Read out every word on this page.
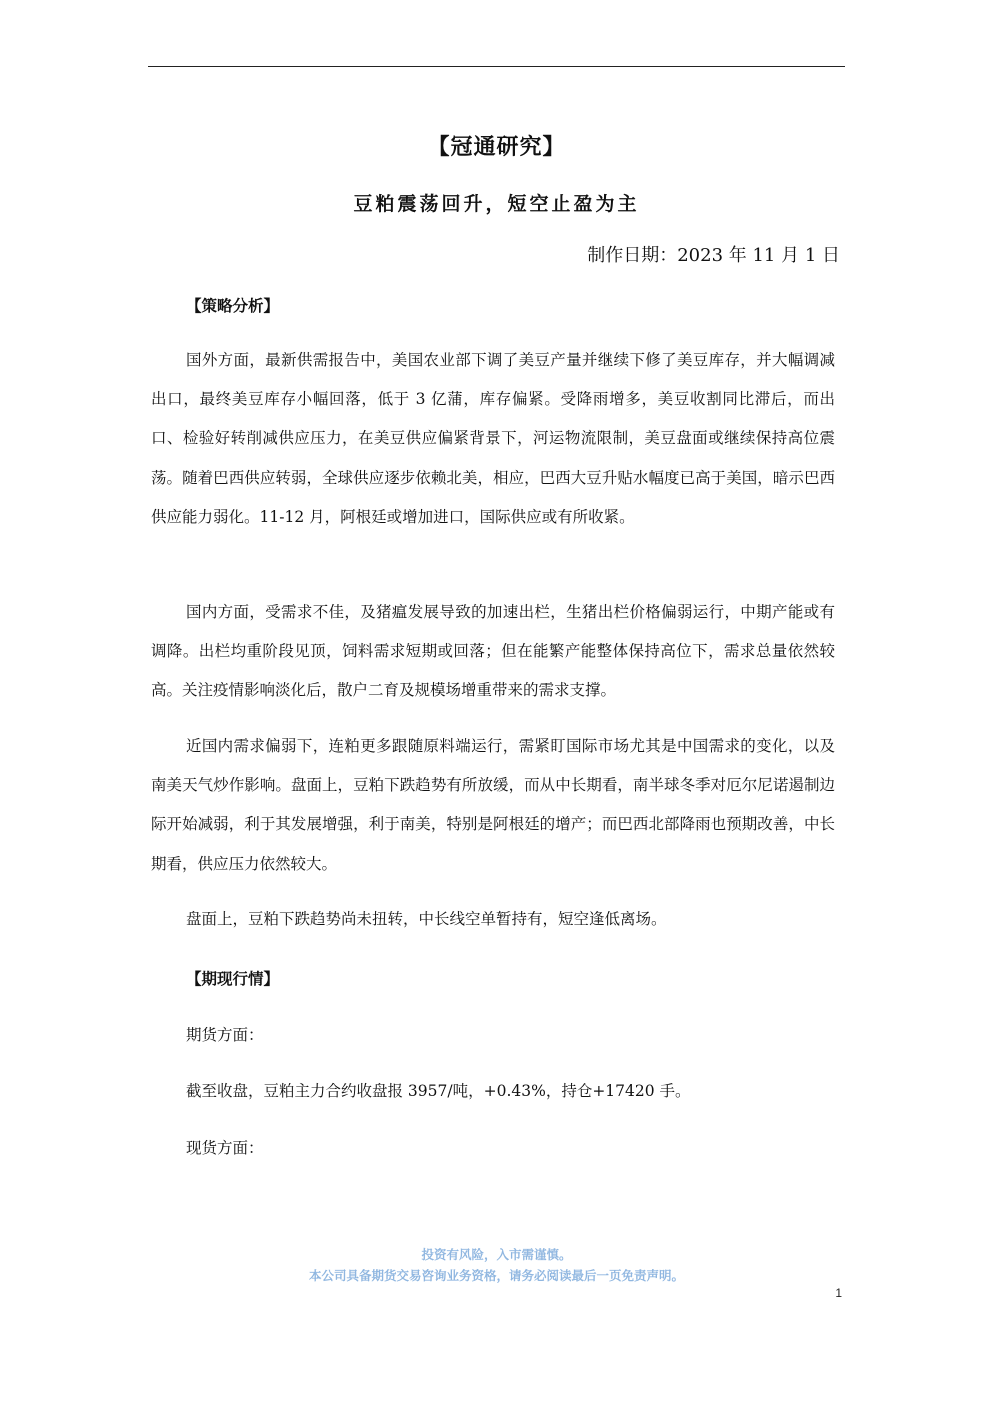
【冠通研究】
豆粕震荡回升，短空止盈为主
制作日期：2023 年 11 月 1 日
【策略分析】

国外方面，最新供需报告中，美国农业部下调了美豆产量并继续下修了美豆库存，并大幅调减出口，最终美豆库存小幅回落，低于 3 亿蒲，库存偏紧。受降雨增多，美豆收割同比滞后，而出口、检验好转削减供应压力，在美豆供应偏紧背景下，河运物流限制，美豆盘面或继续保持高位震荡。随着巴西供应转弱，全球供应逐步依赖北美，相应，巴西大豆升贴水幅度已高于美国，暗示巴西供应能力弱化。11-12 月，阿根廷或增加进口，国际供应或有所收紧。

国内方面，受需求不佳，及猪瘟发展导致的加速出栏，生猪出栏价格偏弱运行，中期产能或有调降。出栏均重阶段见顶，饲料需求短期或回落；但在能繁产能整体保持高位下，需求总量依然较高。关注疫情影响淡化后，散户二育及规模场增重带来的需求支撑。

近国内需求偏弱下，连粕更多跟随原料端运行，需紧盯国际市场尤其是中国需求的变化，以及南美天气炒作影响。盘面上，豆粕下跌趋势有所放缓，而从中长期看，南半球冬季对厄尔尼诺遏制边际开始减弱，利于其发展增强，利于南美，特别是阿根廷的增产；而巴西北部降雨也预期改善，中长期看，供应压力依然较大。

盘面上，豆粕下跌趋势尚未扭转，中长线空单暂持有，短空逢低离场。

【期现行情】
期货方面：
截至收盘，豆粕主力合约收盘报 3957/吨，+0.43%，持仓+17420 手。
现货方面：
投资有风险，入市需谨慎。
本公司具备期货交易咨询业务资格，请务必阅读最后一页免责声明。
1
